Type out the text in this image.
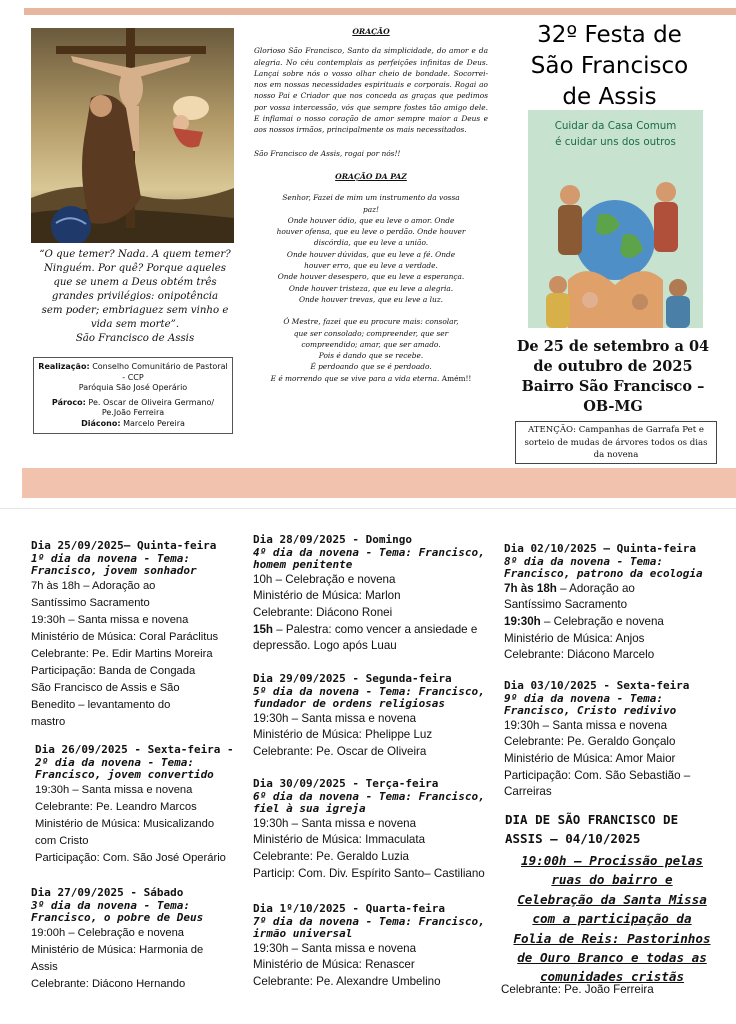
“O que temer? Nada. A quem temer?
Ninguém. Por quê? Porque aqueles
que se unem a Deus obtém três
grandes privilégios: onipotência
sem poder; embriaguez sem vinho e
vida sem morte”.
São Francisco de Assis
Realização: Conselho Comunitário de Pastoral - CCP
Paróquia São José Operário
Pároco: Pe. Oscar de Oliveira Germano/ Pe.João Ferreira
Diácono: Marcelo Pereira
ORAÇÃO
Glorioso São Francisco, Santo da simplicidade, do amor e da alegria. No céu contemplais as perfeições infinitas de Deus. Lançai sobre nós o vosso olhar cheio de bondade. Socorrei-nos em nossas necessidades espirituais e corporais. Rogai ao nosso Pai e Criador que nos conceda as graças que pedimos por vossa intercessão, vós que sempre fostes tão amigo dele. E inflamai o nosso coração de amor sempre maior a Deus e aos nossos irmãos, principalmente os mais necessitados.
São Francisco de Assis, rogai por nós!!
ORAÇÃO DA PAZ
Senhor, Fazei de mim um instrumento da vossa
paz!
Onde houver ódio, que eu leve o amor. Onde
houver ofensa, que eu leve o perdão. Onde houver
discórdia, que eu leve a união.
Onde houver dúvidas, que eu leve a fé. Onde
houver erro, que eu leve a verdade.
Onde houver desespero, que eu leve a esperança.
Onde houver tristeza, que eu leve a alegria.
Onde houver trevas, que eu leve a luz.
Ó Mestre, fazei que eu procure mais: consolar,
que ser consolado; compreender, que ser
compreendido; amar, que ser amado.
Pois é dando que se recebe.
É perdoando que se é perdoado.
E é morrendo que se vive para a vida eterna. Amém!!
32º Festa de
São Francisco
de Assis
Cuidar da Casa Comum
é cuidar uns dos outros
De 25 de setembro a 04
de outubro de 2025
Bairro São Francisco –
OB-MG
ATENÇÃO: Campanhas de Garrafa Pet e sorteio de mudas de árvores todos os dias da novena
Dia 25/09/2025– Quinta-feira
1º dia da novena - Tema:
Francisco, jovem sonhador
7h às 18h – Adoração ao
Santíssimo Sacramento
19:30h – Santa missa e novena
Ministério de Música: Coral Paráclitus
Celebrante: Pe. Edir Martins Moreira
Participação: Banda de Congada
São Francisco de Assis e São
Benedito – levantamento do
mastro
Dia 26/09/2025 - Sexta-feira -
2º dia da novena - Tema:
Francisco, jovem convertido
19:30h – Santa missa e novena
Celebrante: Pe. Leandro Marcos
Ministério de Música: Musicalizando
com Cristo
Participação: Com. São José Operário
Dia 27/09/2025 - Sábado
3º dia da novena - Tema:
Francisco, o pobre de Deus
19:00h – Celebração e novena
Ministério de Música: Harmonia de
Assis
Celebrante: Diácono Hernando
Dia 28/09/2025 - Domingo
4º dia da novena - Tema: Francisco,
homem penitente
10h – Celebração e novena
Ministério de Música: Marlon
Celebrante: Diácono Ronei
15h – Palestra: como vencer a ansiedade e
depressão. Logo após Luau
Dia 29/09/2025 - Segunda-feira
5º dia da novena - Tema: Francisco,
fundador de ordens religiosas
19:30h – Santa missa e novena
Ministério de Música: Phelippe Luz
Celebrante: Pe. Oscar de Oliveira
Dia 30/09/2025 - Terça-feira
6º dia da novena - Tema: Francisco,
fiel à sua igreja
19:30h – Santa missa e novena
Ministério de Música: Immaculata
Celebrante: Pe. Geraldo Luzia
Particip: Com. Div. Espírito Santo– Castiliano
Dia 1º/10/2025 - Quarta-feira
7º dia da novena - Tema: Francisco,
irmão universal
19:30h – Santa missa e novena
Ministério de Música: Renascer
Celebrante: Pe. Alexandre Umbelino
Dia 02/10/2025 – Quinta-feira
8º dia da novena - Tema:
Francisco, patrono da ecologia
7h às 18h – Adoração ao
Santíssimo Sacramento
19:30h – Celebração e novena
Ministério de Música: Anjos
Celebrante: Diácono Marcelo
Dia 03/10/2025 - Sexta-feira
9º dia da novena - Tema:
Francisco, Cristo redivivo
19:30h – Santa missa e novena
Celebrante: Pe. Geraldo Gonçalo
Ministério de Música: Amor Maior
Participação: Com. São Sebastião –
Carreiras
DIA DE SÃO FRANCISCO DE
ASSIS – 04/10/2025
19:00h – Procissão pelas
ruas do bairro e
Celebração da Santa Missa
com a participação da
Folia de Reis: Pastorinhos
de Ouro Branco e todas as
comunidades cristãs
Celebrante: Pe. João Ferreira
